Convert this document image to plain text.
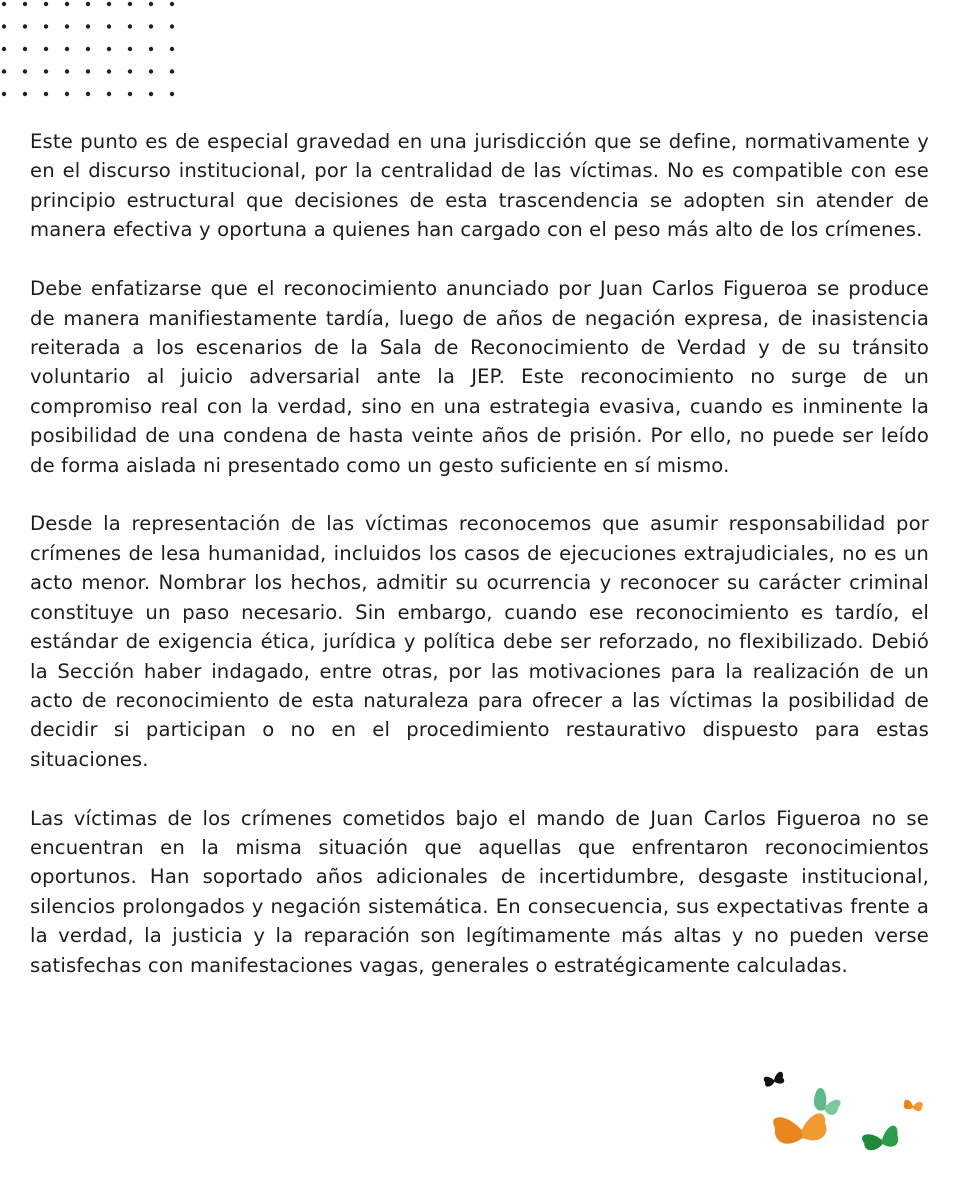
Este punto es de especial gravedad en una jurisdicción que se define, normativamente y en el discurso institucional, por la centralidad de las víctimas. No es compatible con ese principio estructural que decisiones de esta trascendencia se adopten sin atender de manera efectiva y oportuna a quienes han cargado con el peso más alto de los crímenes.

Debe enfatizarse que el reconocimiento anunciado por Juan Carlos Figueroa se produce de manera manifiestamente tardía, luego de años de negación expresa, de inasistencia reiterada a los escenarios de la Sala de Reconocimiento de Verdad y de su tránsito voluntario al juicio adversarial ante la JEP. Este reconocimiento no surge de un compromiso real con la verdad, sino en una estrategia evasiva, cuando es inminente la posibilidad de una condena de hasta veinte años de prisión. Por ello, no puede ser leído de forma aislada ni presentado como un gesto suficiente en sí mismo.

Desde la representación de las víctimas reconocemos que asumir responsabilidad por crímenes de lesa humanidad, incluidos los casos de ejecuciones extrajudiciales, no es un acto menor. Nombrar los hechos, admitir su ocurrencia y reconocer su carácter criminal constituye un paso necesario. Sin embargo, cuando ese reconocimiento es tardío, el estándar de exigencia ética, jurídica y política debe ser reforzado, no flexibilizado. Debió la Sección haber indagado, entre otras, por las motivaciones para la realización de un acto de reconocimiento de esta naturaleza para ofrecer a las víctimas la posibilidad de decidir si participan o no en el procedimiento restaurativo dispuesto para estas situaciones.

Las víctimas de los crímenes cometidos bajo el mando de Juan Carlos Figueroa no se encuentran en la misma situación que aquellas que enfrentaron reconocimientos oportunos. Han soportado años adicionales de incertidumbre, desgaste institucional, silencios prolongados y negación sistemática. En consecuencia, sus expectativas frente a la verdad, la justicia y la reparación son legítimamente más altas y no pueden verse satisfechas con manifestaciones vagas, generales o estratégicamente calculadas.
